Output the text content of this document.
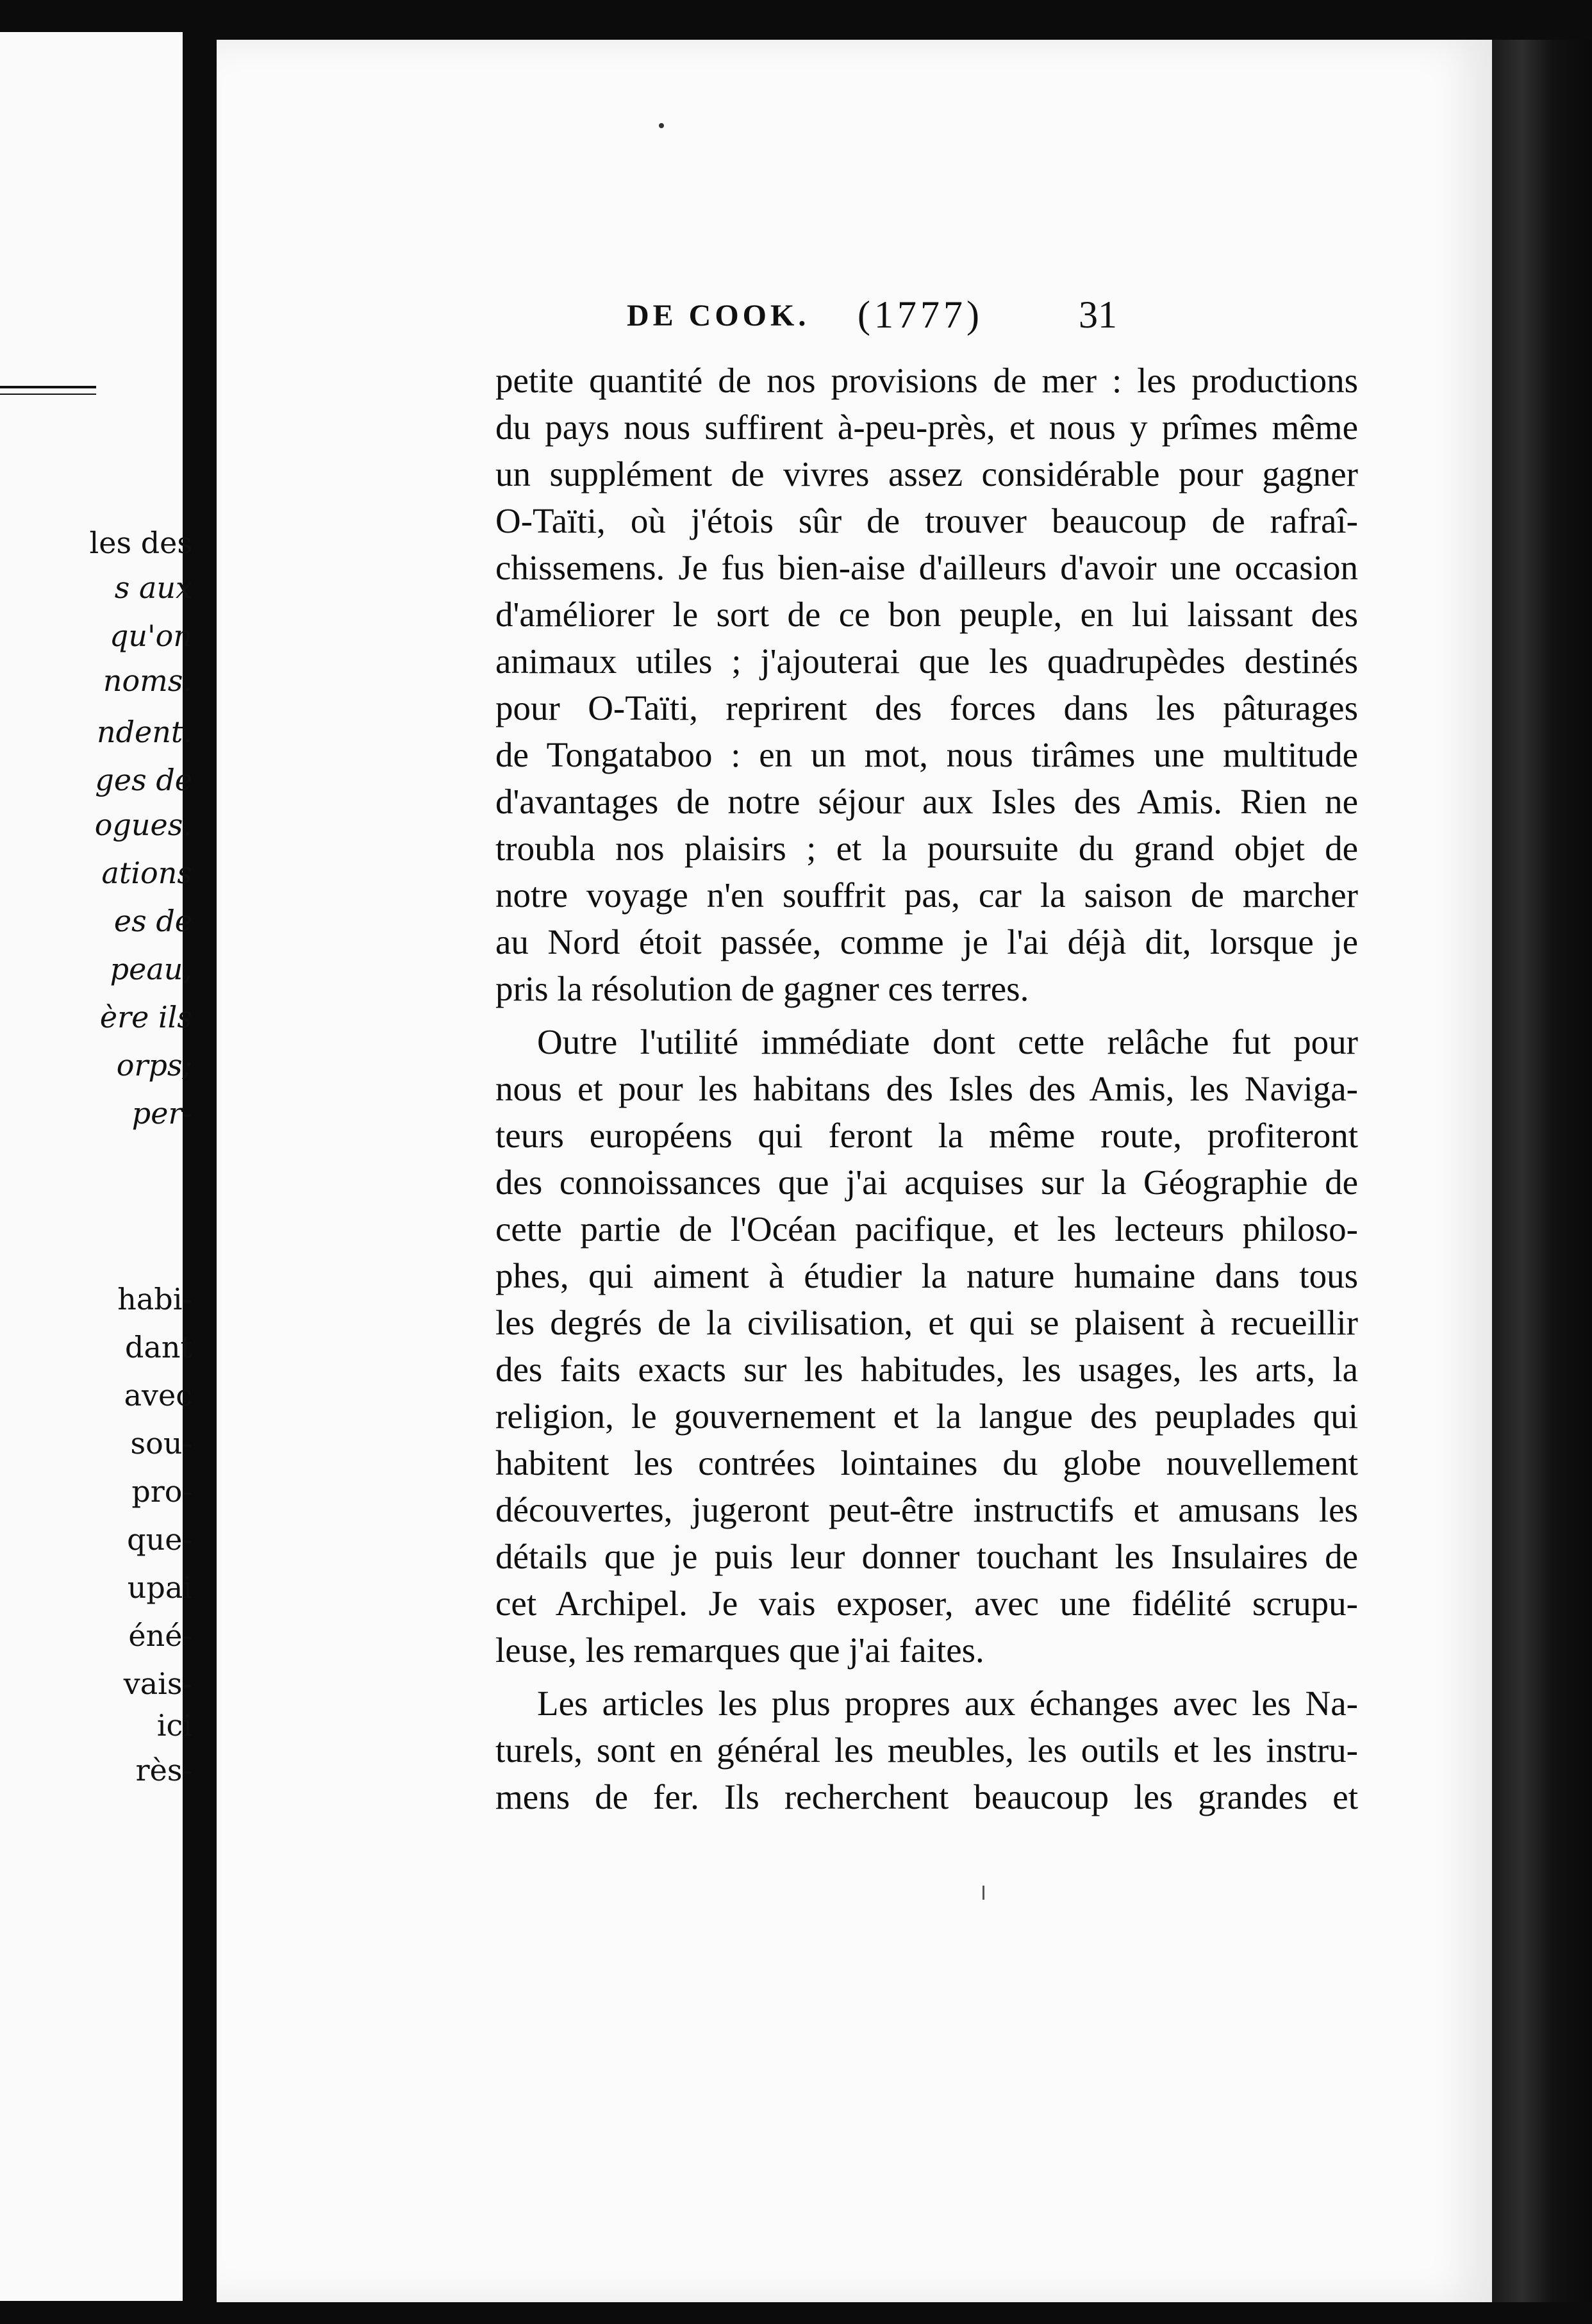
les des
s aux
qu'on
noms.
ndent.
ges de
ogues.
ations
es de
peau,
ère ils
orps;
per-
habi-
dant
avec
sou-
pro-
que-
upai
éné-
vais-
ici
rès-
DE COOK. (1777) 31
petite quantité de nos provisions de mer : les productions
du pays nous suffirent à-peu-près, et nous y prîmes même
un supplément de vivres assez considérable pour gagner
O-Taïti, où j'étois sûr de trouver beaucoup de rafraî-
chissemens. Je fus bien-aise d'ailleurs d'avoir une occasion
d'améliorer le sort de ce bon peuple, en lui laissant des
animaux utiles ; j'ajouterai que les quadrupèdes destinés
pour O-Taïti, reprirent des forces dans les pâturages
de Tongataboo : en un mot, nous tirâmes une multitude
d'avantages de notre séjour aux Isles des Amis. Rien ne
troubla nos plaisirs ; et la poursuite du grand objet de
notre voyage n'en souffrit pas, car la saison de marcher
au Nord étoit passée, comme je l'ai déjà dit, lorsque je
pris la résolution de gagner ces terres.
Outre l'utilité immédiate dont cette relâche fut pour
nous et pour les habitans des Isles des Amis, les Naviga-
teurs européens qui feront la même route, profiteront
des connoissances que j'ai acquises sur la Géographie de
cette partie de l'Océan pacifique, et les lecteurs philoso-
phes, qui aiment à étudier la nature humaine dans tous
les degrés de la civilisation, et qui se plaisent à recueillir
des faits exacts sur les habitudes, les usages, les arts, la
religion, le gouvernement et la langue des peuplades qui
habitent les contrées lointaines du globe nouvellement
découvertes, jugeront peut-être instructifs et amusans les
détails que je puis leur donner touchant les Insulaires de
cet Archipel. Je vais exposer, avec une fidélité scrupu-
leuse, les remarques que j'ai faites.
Les articles les plus propres aux échanges avec les Na-
turels, sont en général les meubles, les outils et les instru-
mens de fer. Ils recherchent beaucoup les grandes et
